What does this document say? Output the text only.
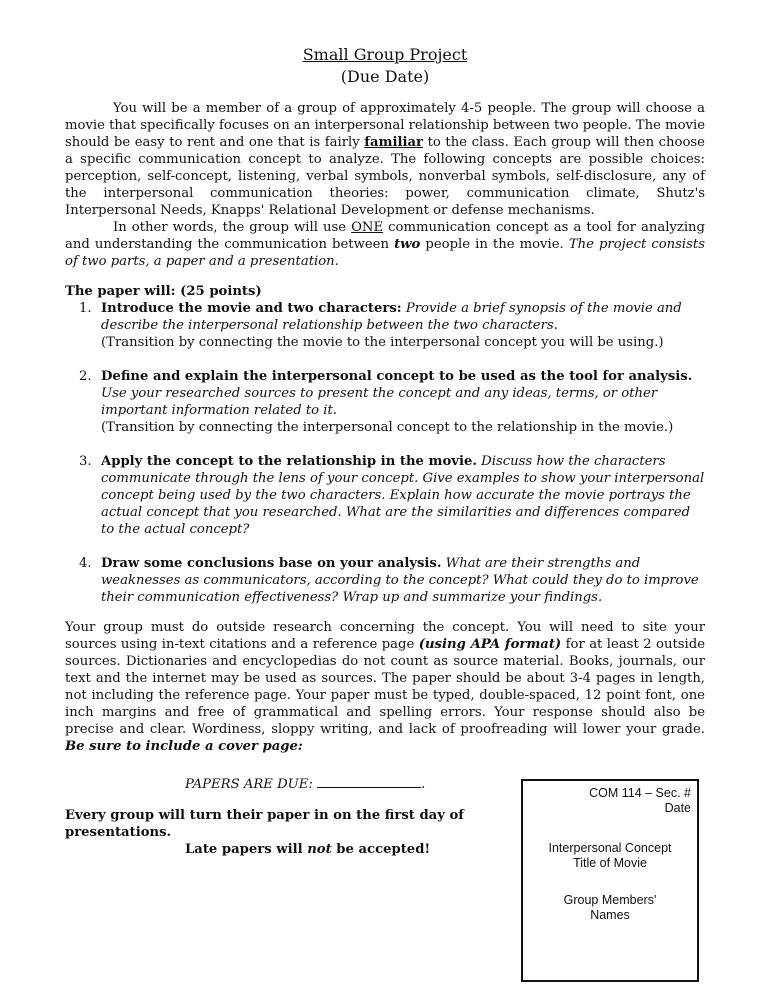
Small Group Project
(Due Date)

You will be a member of a group of approximately 4-5 people. The group will choose a movie that specifically focuses on an interpersonal relationship between two people. The movie should be easy to rent and one that is fairly familiar to the class. Each group will then choose a specific communication concept to analyze. The following concepts are possible choices: perception, self-concept, listening, verbal symbols, nonverbal symbols, self-disclosure, any of the interpersonal communication theories: power, communication climate, Shutz's Interpersonal Needs, Knapps' Relational Development or defense mechanisms.

In other words, the group will use ONE communication concept as a tool for analyzing and understanding the communication between two people in the movie. The project consists of two parts, a paper and a presentation.

The paper will: (25 points)
1. Introduce the movie and two characters: Provide a brief synopsis of the movie and describe the interpersonal relationship between the two characters.
(Transition by connecting the movie to the interpersonal concept you will be using.)
2. Define and explain the interpersonal concept to be used as the tool for analysis. Use your researched sources to present the concept and any ideas, terms, or other important information related to it.
(Transition by connecting the interpersonal concept to the relationship in the movie.)
3. Apply the concept to the relationship in the movie. Discuss how the characters communicate through the lens of your concept. Give examples to show your interpersonal concept being used by the two characters. Explain how accurate the movie portrays the actual concept that you researched. What are the similarities and differences compared to the actual concept?
4. Draw some conclusions base on your analysis. What are their strengths and weaknesses as communicators, according to the concept? What could they do to improve their communication effectiveness? Wrap up and summarize your findings.

Your group must do outside research concerning the concept. You will need to site your sources using in-text citations and a reference page (using APA format) for at least 2 outside sources. Dictionaries and encyclopedias do not count as source material. Books, journals, our text and the internet may be used as sources. The paper should be about 3-4 pages in length, not including the reference page. Your paper must be typed, double-spaced, 12 point font, one inch margins and free of grammatical and spelling errors. Your response should also be precise and clear. Wordiness, sloppy writing, and lack of proofreading will lower your grade. Be sure to include a cover page:

PAPERS ARE DUE:	.
Every group will turn their paper in on the first day of presentations.
Late papers will not be accepted!
COM 114 – Sec. #
Date
Interpersonal Concept
Title of Movie
Group Members'
Names
